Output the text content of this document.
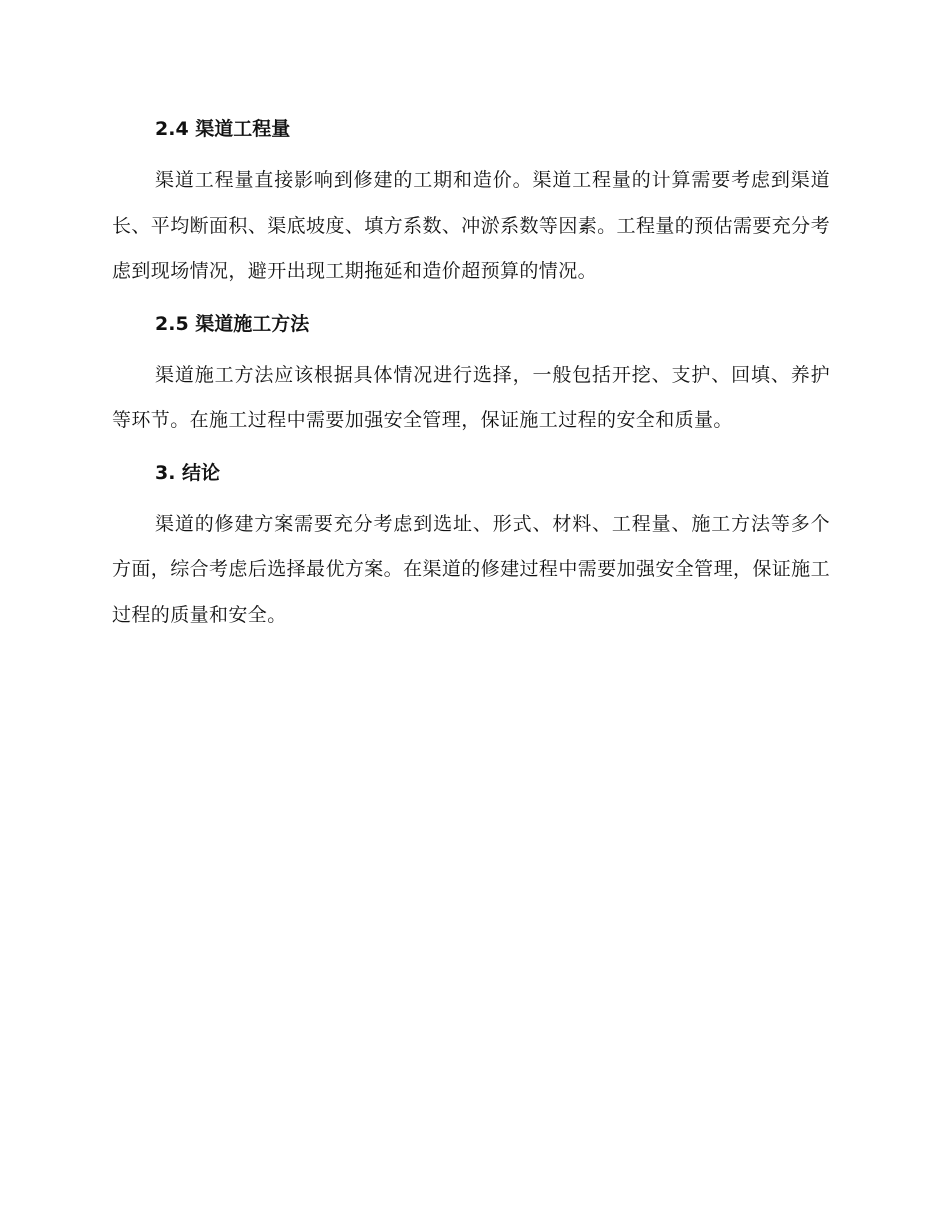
2.4 渠道工程量

渠道工程量直接影响到修建的工期和造价。渠道工程量的计算需要考虑到渠道长、平均断面积、渠底坡度、填方系数、冲淤系数等因素。工程量的预估需要充分考虑到现场情况，避开出现工期拖延和造价超预算的情况。

2.5 渠道施工方法

渠道施工方法应该根据具体情况进行选择，一般包括开挖、支护、回填、养护等环节。在施工过程中需要加强安全管理，保证施工过程的安全和质量。

3. 结论

渠道的修建方案需要充分考虑到选址、形式、材料、工程量、施工方法等多个方面，综合考虑后选择最优方案。在渠道的修建过程中需要加强安全管理，保证施工过程的质量和安全。
